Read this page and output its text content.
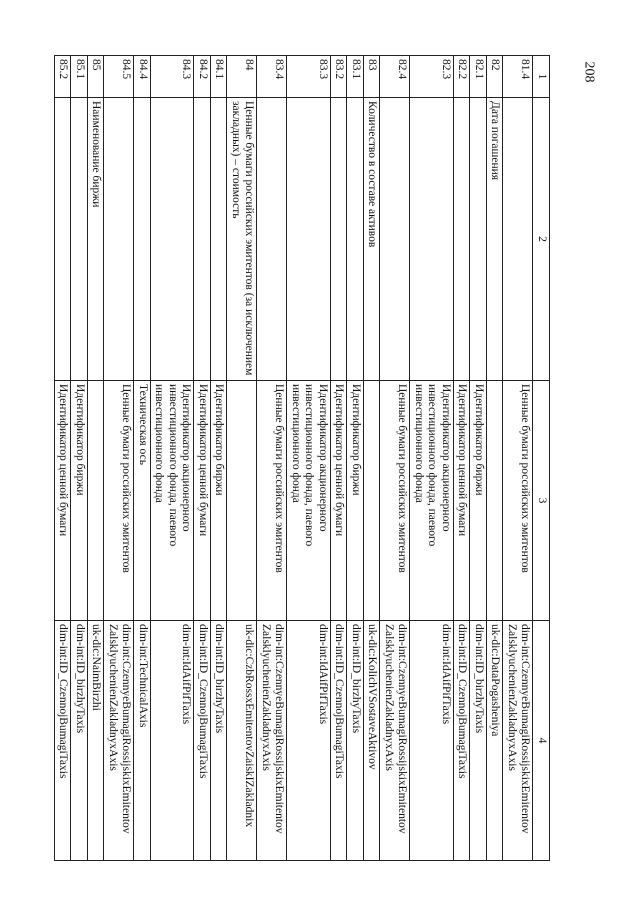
208
1	2	3	4
81.4		Ценные бумаги российских эмитентов	dim-int:CzennyeBumagiRossijskixEmitentov ZalsklyuchenienZakladnyxAxis
82	Дата погашения		uk-dic:DataPogasheniya
82.1		Идентификатор биржи	dim-int:ID_birzhyTaxis
82.2		Идентификатор ценной бумаги	dim-int:ID_CzennojBumagiTaxis
82.3		Идентификатор акционерного инвестиционного фонда, паевого инвестиционного фонда	dim-int:IdAifPifTaxis
82.4		Ценные бумаги российских эмитентов	dim-int:CzennyeBumagiRossijskixEmitentov ZalsklyuchenienZakladnyxAxis
83	Количество в составе активов		uk-dic:KolichVSostaveAktivov
83.1		Идентификатор биржи	dim-int:ID_birzhyTaxis
83.2		Идентификатор ценной бумаги	dim-int:ID_CzennojBumagiTaxis
83.3		Идентификатор акционерного инвестиционного фонда, паевого инвестиционного фонда	dim-int:IdAifPifTaxis
83.4		Ценные бумаги российских эмитентов	dim-int:CzennyeBumagiRossijskixEmitentov ZalsklyuchenienZakladnyxAxis
84	Ценные бумаги российских эмитентов (за исключением закладных) – стоимость		uk-dic:CzbRossxEmitentovZaiskIZakladnix
84.1		Идентификатор биржи	dim-int:ID_birzhyTaxis
84.2		Идентификатор ценной бумаги	dim-int:ID_CzennojBumagiTaxis
84.3		Идентификатор акционерного инвестиционного фонда, паевого инвестиционного фонда	dim-int:IdAifPifTaxis
84.4		Техническая ось	dim-int:TechnicalAxis
84.5		Ценные бумаги российских эмитентов	dim-int:CzennyeBumagiRossijskixEmitentov ZalsklyuchenienZakladnyxAxis
85	Наименование биржи		uk-dic:NaimBirzhi
85.1		Идентификатор биржи	dim-int:ID_birzhyTaxis
85.2		Идентификатор ценной бумаги	dim-int:ID_CzennojBumagiTaxis
